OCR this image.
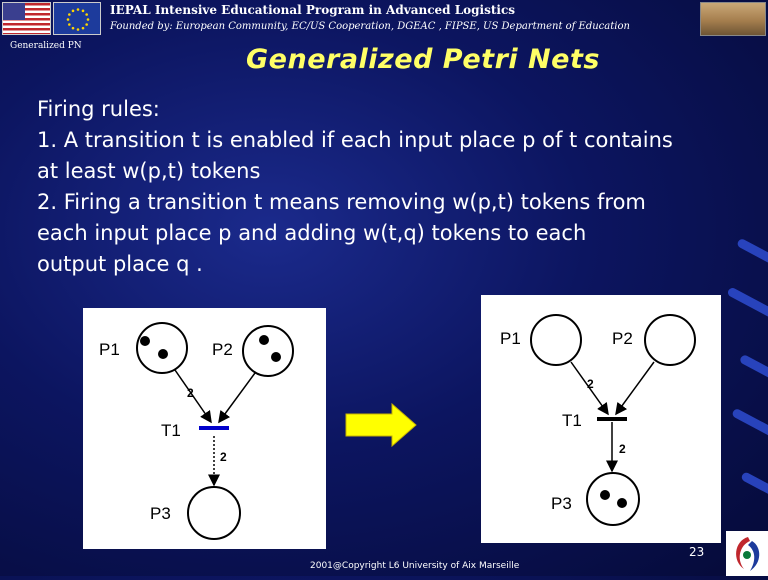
IEPAL Intensive Educational Program in Advanced Logistics
Founded by: European Community, EC/US Cooperation, DGEAC , FIPSE, US Department of Education
Generalized PN	Generalized Petri Nets
Firing rules:
1. A transition t is enabled if each input place p of t contains
at least w(p,t) tokens
2. Firing a transition t means removing w(p,t) tokens from
each input place p and adding w(t,q) tokens to each
output place q .
P1	P2
P3
T1
2
2
P1	P2
P3
T1
2
2
23
2001@Copyright L6 University of Aix Marseille
